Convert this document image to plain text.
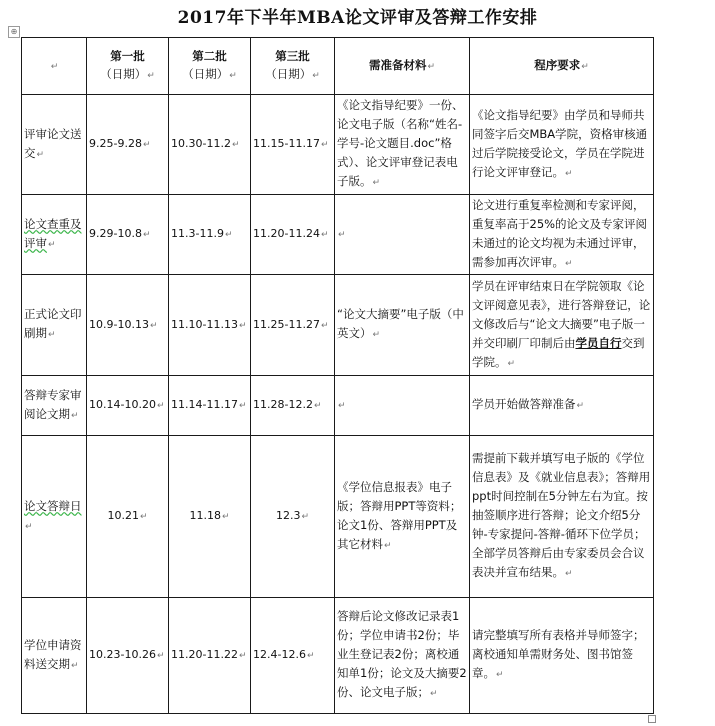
2017年下半年MBA论文评审及答辩工作安排
⊕
↵	第一批
（日期）↵	第二批
（日期）↵	第三批
（日期）↵	需准备材料↵	程序要求↵
评审论文送交↵	9.25-9.28↵	10.30-11.2↵	11.15-11.17↵	《论文指导纪要》一份、论文电子版（名称“姓名-学号-论文题目.doc”格式）、论文评审登记表电子版。↵	《论文指导纪要》由学员和导师共同签字后交MBA学院，资格审核通过后学院接受论文，学员在学院进行论文评审登记。↵
论文查重及评审↵	9.29-10.8↵	11.3-11.9↵	11.20-11.24↵	↵	论文进行重复率检测和专家评阅，重复率高于25%的论文及专家评阅未通过的论文均视为未通过评审，需参加再次评审。↵
正式论文印刷期↵	10.9-10.13↵	11.10-11.13↵	11.25-11.27↵	“论文大摘要”电子版（中英文）↵	学员在评审结束日在学院领取《论文评阅意见表》，进行答辩登记，论文修改后与“论文大摘要”电子版一并交印刷厂印制后由学员自行交到学院。↵
答辩专家审阅论文期↵	10.14-10.20↵	11.14-11.17↵	11.28-12.2↵	↵	学员开始做答辩准备↵
论文答辩日↵	10.21↵	11.18↵	12.3↵	《学位信息报表》电子版；答辩用PPT等资料；论文1份、答辩用PPT及其它材料↵	需提前下载并填写电子版的《学位信息表》及《就业信息表》；答辩用ppt时间控制在5分钟左右为宜。按抽签顺序进行答辩；论文介绍5分钟-专家提问-答辩-循环下位学员；全部学员答辩后由专家委员会合议表决并宣布结果。↵
学位申请资料送交期↵	10.23-10.26↵	11.20-11.22↵	12.4-12.6↵	答辩后论文修改记录表1份；学位申请书2份；毕业生登记表2份；离校通知单1份；论文及大摘要2份、论文电子版；↵	请完整填写所有表格并导师签字；离校通知单需财务处、图书馆签章。↵
